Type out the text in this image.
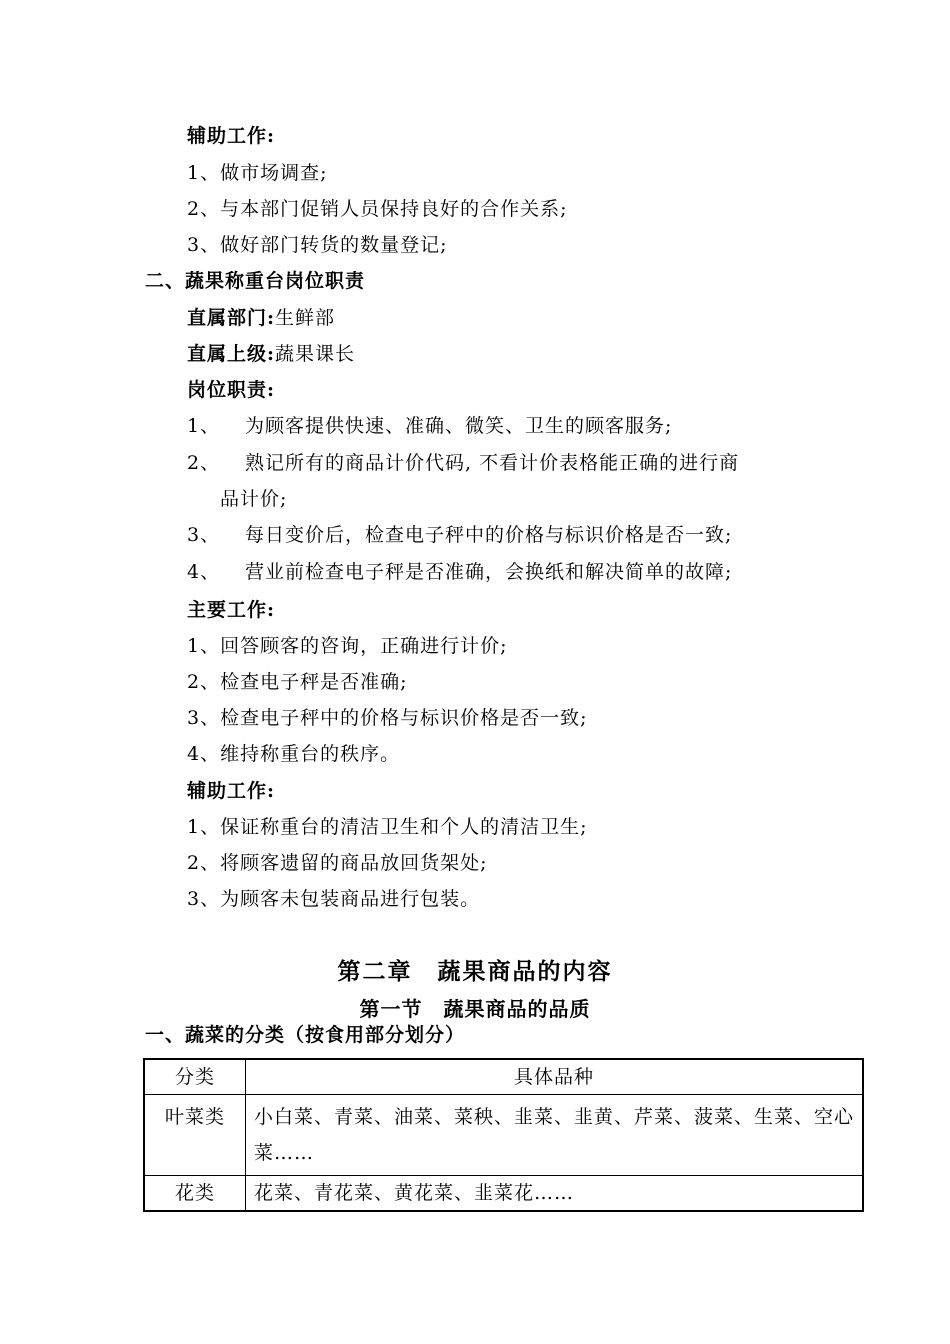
辅助工作:
1、做市场调查;
2、与本部门促销人员保持良好的合作关系;
3、做好部门转货的数量登记;
二、蔬果称重台岗位职责
直属部门:生鲜部
直属上级:蔬果课长
岗位职责:
1、 为顾客提供快速、准确、微笑、卫生的顾客服务;
2、 熟记所有的商品计价代码, 不看计价表格能正确的进行商
品计价;
3、 每日变价后，检查电子秤中的价格与标识价格是否一致;
4、 营业前检查电子秤是否准确，会换纸和解决简单的故障;
主要工作:
1、回答顾客的咨询，正确进行计价;
2、检查电子秤是否准确;
3、检查电子秤中的价格与标识价格是否一致;
4、维持称重台的秩序。
辅助工作:
1、保证称重台的清洁卫生和个人的清洁卫生;
2、将顾客遗留的商品放回货架处;
3、为顾客未包装商品进行包装。
第二章　蔬果商品的内容
第一节　蔬果商品的品质
一、蔬菜的分类（按食用部分划分）
分类	具体品种
叶菜类	小白菜、青菜、油菜、菜秧、韭菜、韭黄、芹菜、菠菜、生菜、空心菜……
花类	花菜、青花菜、黄花菜、韭菜花……
